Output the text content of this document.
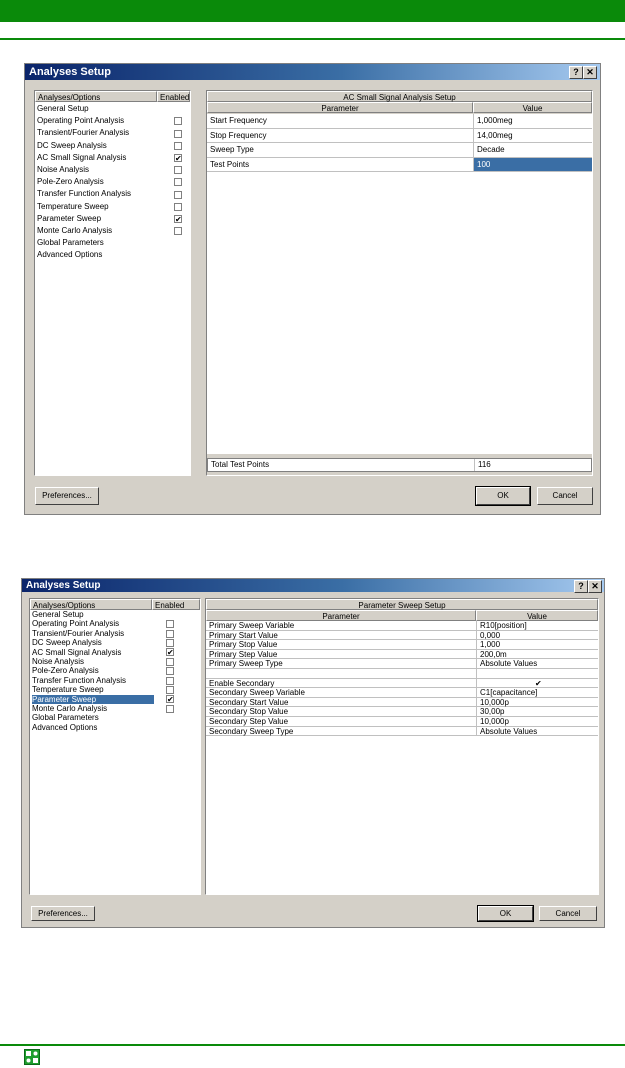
Analyses Setup	? ✕
Analyses/Options	Enabled
General Setup
Operating Point Analysis
Transient/Fourier Analysis
DC Sweep Analysis
AC Small Signal Analysis	✔
Noise Analysis
Pole-Zero Analysis
Transfer Function Analysis
Temperature Sweep
Parameter Sweep	✔
Monte Carlo Analysis
Global Parameters
Advanced Options
AC Small Signal Analysis Setup
Parameter	Value
Start Frequency	1,000meg
Stop Frequency	14,00meg
Sweep Type	Decade
Test Points	100
Total Test Points	116
Preferences...	OK	Cancel
Analyses Setup	? ✕
Analyses/Options	Enabled
General Setup
Operating Point Analysis
Transient/Fourier Analysis
DC Sweep Analysis
AC Small Signal Analysis	✔
Noise Analysis
Pole-Zero Analysis
Transfer Function Analysis
Temperature Sweep
Parameter Sweep	✔
Monte Carlo Analysis
Global Parameters
Advanced Options
Parameter Sweep Setup
Parameter	Value
Primary Sweep Variable	R10[position]
Primary Start Value	0,000
Primary Stop Value	1,000
Primary Step Value	200,0m
Primary Sweep Type	Absolute Values
Enable Secondary	✔
Secondary Sweep Variable	C1[capacitance]
Secondary Start Value	10,000p
Secondary Stop Value	30,00p
Secondary Step Value	10,000p
Secondary Sweep Type	Absolute Values
Preferences...	OK	Cancel
